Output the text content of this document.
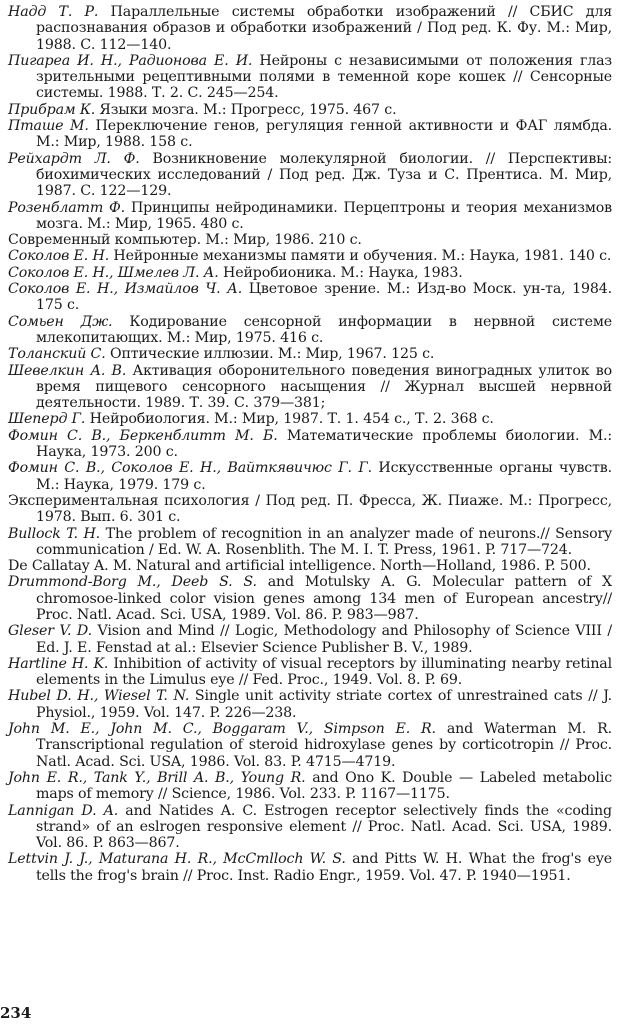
Надд Т. Р. Параллельные системы обработки изображений // СБИС для распознавания образов и обработки изображений / Под ред. К. Фу. М.: Мир, 1988. С. 112—140.

Пигареа И. Н., Радионова Е. И. Нейроны с независимыми от положения глаз зрительными рецептивными полями в теменной коре кошек // Сенсорные системы. 1988. Т. 2. С. 245—254.

Прибрам К. Языки мозга. М.: Прогресс, 1975. 467 с.

Пташе М. Переключение генов, регуляция генной активности и ФАГ лямбда. М.: Мир, 1988. 158 с.

Рейхардт Л. Ф. Возникновение молекулярной биологии. // Перспективы: биохимических исследований / Под ред. Дж. Туза и С. Прентиса. М. Мир, 1987. С. 122—129.

Розенблатт Ф. Принципы нейродинамики. Перцептроны и теория механизмов мозга. М.: Мир, 1965. 480 с.

Современный компьютер. М.: Мир, 1986. 210 с.

Соколов Е. Н. Нейронные механизмы памяти и обучения. М.: Наука, 1981. 140 с.

Соколов Е. Н., Шмелев Л. А. Нейробионика. М.: Наука, 1983.

Соколов Е. Н., Измайлов Ч. А. Цветовое зрение. М.: Изд-во Моск. ун-та, 1984. 175 с.

Сомьен Дж. Кодирование сенсорной информации в нервной системе млекопитающих. М.: Мир, 1975. 416 с.

Толанский С. Оптические иллюзии. М.: Мир, 1967. 125 с.

Шевелкин А. В. Активация оборонительного поведения виноградных улиток во время пищевого сенсорного насыщения // Журнал высшей нервной деятельности. 1989. Т. 39. С. 379—381;

Шеперд Г. Нейробиология. М.: Мир, 1987. Т. 1. 454 с., Т. 2. 368 с.

Фомин С. В., Беркенблитт М. Б. Математические проблемы биологии. М.: Наука, 1973. 200 с.

Фомин С. В., Соколов Е. Н., Вайткявичюс Г. Г. Искусственные органы чувств. М.: Наука, 1979. 179 с.

Экспериментальная психология / Под ред. П. Фресса, Ж. Пиаже. М.: Прогресс, 1978. Вып. 6. 301 с.

Bullock T. H. The problem of recognition in an analyzer made of neurons.// Sensory communication / Ed. W. A. Rosenblith. The M. I. T. Press, 1961. P. 717—724.

De Callatay A. M. Natural and artificial intelligence. North—Holland, 1986. P. 500.

Drummond-Borg M., Deeb S. S. and Motulsky A. G. Molecular pattern of X chromosoe-linked color vision genes among 134 men of European ancestry// Proc. Natl. Acad. Sci. USA, 1989. Vol. 86. P. 983—987.

Gleser V. D. Vision and Mind // Logic, Methodology and Philosophy of Science VIII / Ed. J. E. Fenstad at al.: Elsevier Science Publisher B. V., 1989.

Hartline H. K. Inhibition of activity of visual receptors by illuminating nearby retinal elements in the Limulus eye // Fed. Proc., 1949. Vol. 8. P. 69.

Hubel D. H., Wiesel T. N. Single unit activity striate cortex of unrestrained cats // J. Physiol., 1959. Vol. 147. P. 226—238.

John M. E., John M. C., Boggaram V., Simpson E. R. and Waterman M. R. Transcriptional regulation of steroid hidroxylase genes by corticotropin // Proc. Natl. Acad. Sci. USA, 1986. Vol. 83. P. 4715—4719.

John E. R., Tank Y., Brill A. B., Young R. and Ono K. Double — Labeled metabolic maps of memory // Science, 1986. Vol. 233. P. 1167—1175.

Lannigan D. A. and Natides A. C. Estrogen receptor selectively finds the «coding strand» of an eslrogen responsive element // Proc. Natl. Acad. Sci. USA, 1989. Vol. 86. P. 863—867.

Lettvin J. J., Maturana H. R., McCmlloch W. S. and Pitts W. H. What the frog's eye tells the frog's brain // Proc. Inst. Radio Engr., 1959. Vol. 47. P. 1940—1951.

234
